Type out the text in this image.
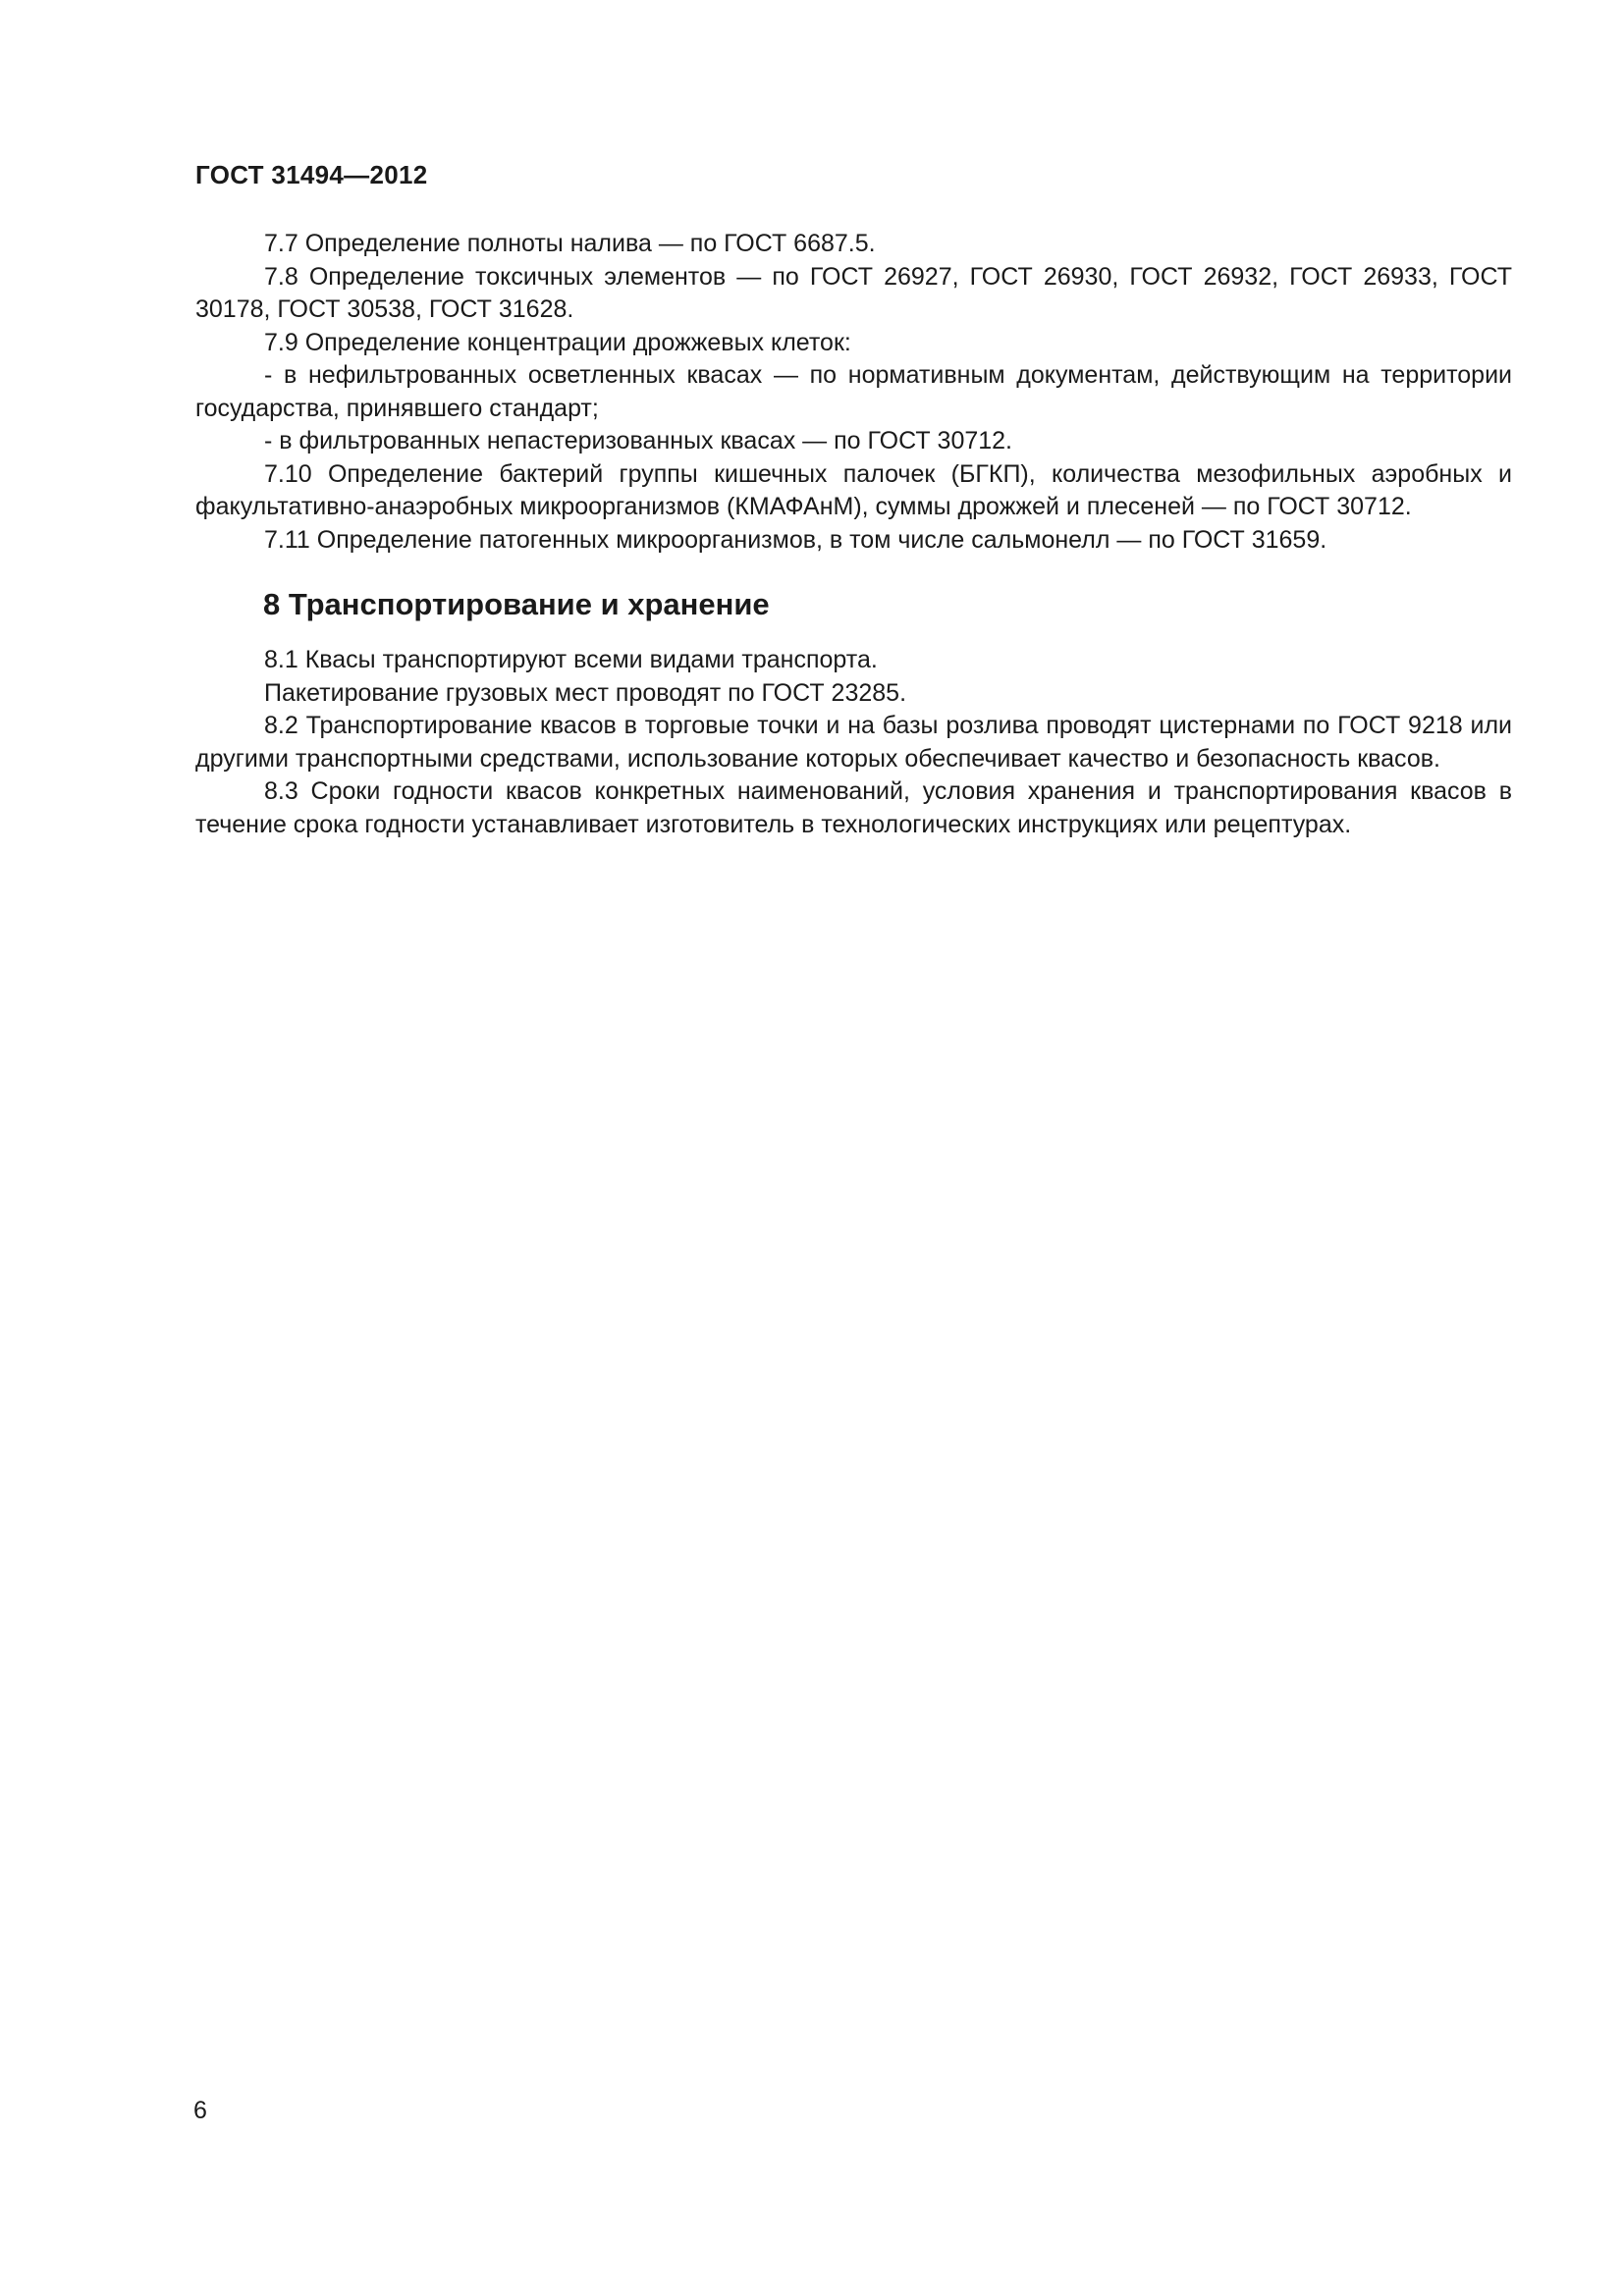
ГОСТ 31494—2012

7.7 Определение полноты налива — по ГОСТ 6687.5.

7.8 Определение токсичных элементов — по ГОСТ 26927, ГОСТ 26930, ГОСТ 26932, ГОСТ 26933, ГОСТ 30178, ГОСТ 30538, ГОСТ 31628.

7.9 Определение концентрации дрожжевых клеток:

- в нефильтрованных осветленных квасах — по нормативным документам, действующим на территории государства, принявшего стандарт;

- в фильтрованных непастеризованных квасах — по ГОСТ 30712.

7.10 Определение бактерий группы кишечных палочек (БГКП), количества мезофильных аэробных и факультативно-анаэробных микроорганизмов (КМАФАнМ), суммы дрожжей и плесеней — по ГОСТ 30712.

7.11 Определение патогенных микроорганизмов, в том числе сальмонелл — по ГОСТ 31659.

8 Транспортирование и хранение

8.1 Квасы транспортируют всеми видами транспорта.

Пакетирование грузовых мест проводят по ГОСТ 23285.

8.2 Транспортирование квасов в торговые точки и на базы розлива проводят цистернами по ГОСТ 9218 или другими транспортными средствами, использование которых обеспечивает качество и безопасность квасов.

8.3 Сроки годности квасов конкретных наименований, условия хранения и транспортирования квасов в течение срока годности устанавливает изготовитель в технологических инструкциях или рецептурах.

6
